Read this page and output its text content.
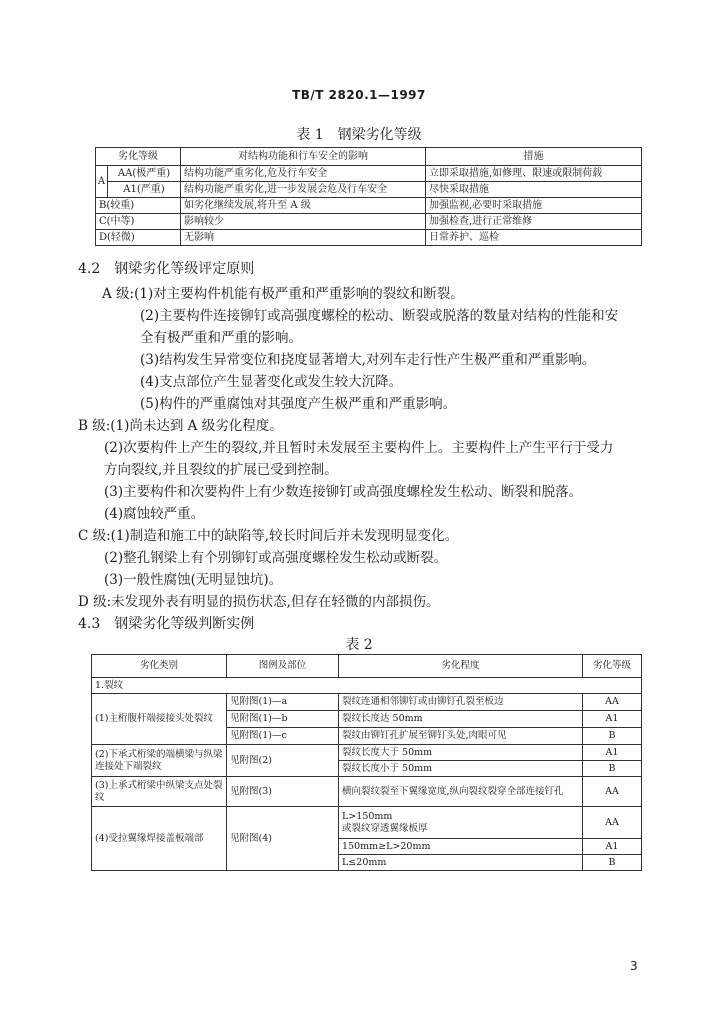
TB/T 2820.1—1997
表 1　钢梁劣化等级
劣化等级		对结构功能和行车安全的影响	措施
A	AA(极严重)	结构功能严重劣化,危及行车安全	立即采取措施,如修理、限速或限制荷载
	A1(严重)	结构功能严重劣化,进一步发展会危及行车安全	尽快采取措施
B(较重)		如劣化继续发展,将升至 A 级	加强监视,必要时采取措施
C(中等)		影响较少	加强检查,进行正常维修
D(轻微)		无影响	日常养护、巡检
4.2　钢梁劣化等级评定原则
A 级:(1)对主要构件机能有极严重和严重影响的裂纹和断裂。
(2)主要构件连接铆钉或高强度螺栓的松动、断裂或脱落的数量对结构的性能和安
全有极严重和严重的影响。
(3)结构发生异常变位和挠度显著增大,对列车走行性产生极严重和严重影响。
(4)支点部位产生显著变化或发生较大沉降。
(5)构件的严重腐蚀对其强度产生极严重和严重影响。
B 级:(1)尚未达到 A 级劣化程度。
(2)次要构件上产生的裂纹,并且暂时未发展至主要构件上。主要构件上产生平行于受力
方向裂纹,并且裂纹的扩展已受到控制。
(3)主要构件和次要构件上有少数连接铆钉或高强度螺栓发生松动、断裂和脱落。
(4)腐蚀较严重。
C 级:(1)制造和施工中的缺陷等,较长时间后并未发现明显变化。
(2)整孔钢梁上有个别铆钉或高强度螺栓发生松动或断裂。
(3)一般性腐蚀(无明显蚀坑)。
D 级:未发现外表有明显的损伤状态,但存在轻微的内部损伤。
4.3　钢梁劣化等级判断实例
表 2
劣化类别	图例及部位	劣化程度	劣化等级
1.裂纹			
(1)主桁腹杆端接接头处裂纹	见附图(1)—a	裂纹连通相邻铆钉或由铆钉孔裂至板边	AA
	见附图(1)—b	裂纹长度达 50mm	A1
	见附图(1)—c	裂纹由铆钉孔扩展至铆钉头处,肉眼可见	B
(2)下承式桁梁的端横梁与纵梁连接处下端裂纹	见附图(2)	裂纹长度大于 50mm	A1
		裂纹长度小于 50mm	B
(3)上承式桁梁中纵梁支点处裂纹	见附图(3)	横向裂纹裂至下翼缘宽度,纵向裂纹裂穿全部连接钉孔	AA
(4)受拉翼缘焊接盖板端部	见附图(4)	L>150mm
或裂纹穿透翼缘板厚	AA
		150mm≥L>20mm	A1
		L≤20mm	B
3
